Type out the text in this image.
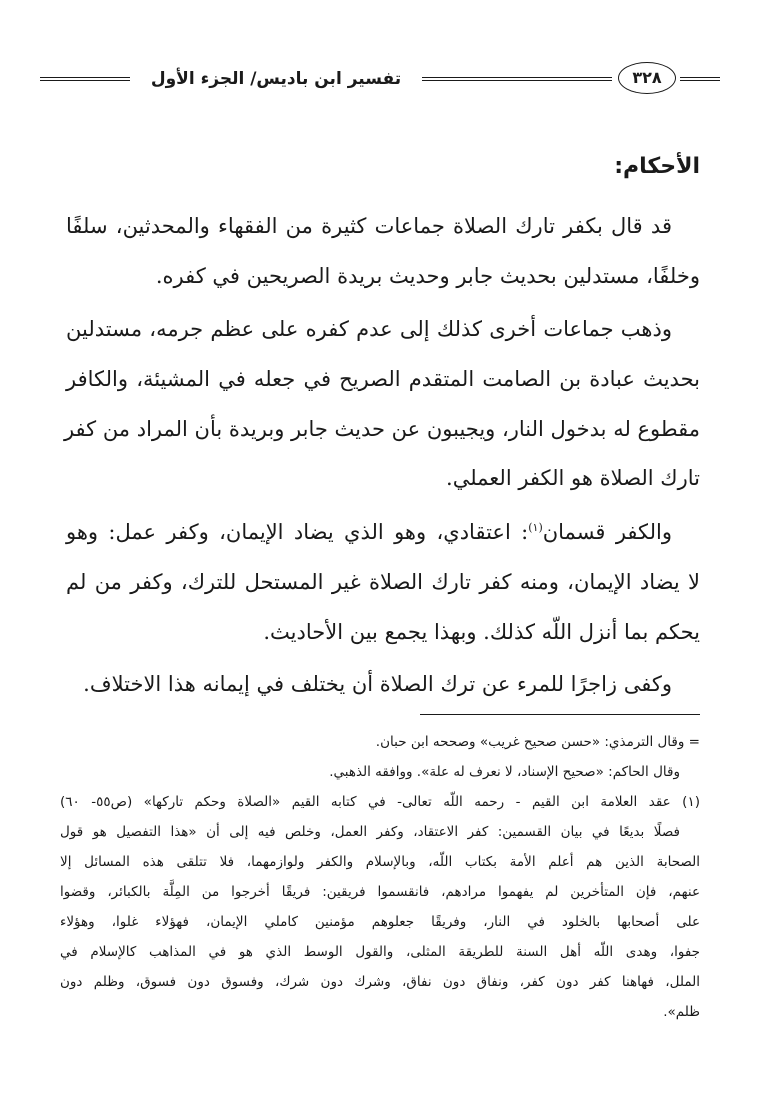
تفسير ابن باديس/ الجزء الأول	٣٢٨
الأحكام:
قد قال بكفر تارك الصلاة جماعات كثيرة من الفقهاء والمحدثين، سلفًا
وخلفًا، مستدلين بحديث جابر وحديث بريدة الصريحين في كفره.
وذهب جماعات أخرى كذلك إلى عدم كفره على عظم جرمه، مستدلين
بحديث عبادة بن الصامت المتقدم الصريح في جعله في المشيئة، والكافر
مقطوع له بدخول النار، ويجيبون عن حديث جابر وبريدة بأن المراد من كفر
تارك الصلاة هو الكفر العملي.
والكفر قسمان$^{(١)}$: اعتقادي، وهو الذي يضاد الإيمان، وكفر عمل: وهو
لا يضاد الإيمان، ومنه كفر تارك الصلاة غير المستحل للترك، وكفر من لم
يحكم بما أنزل اللّه كذلك. وبهذا يجمع بين الأحاديث.
وكفى زاجرًا للمرء عن ترك الصلاة أن يختلف في إيمانه هذا الاختلاف.
= وقال الترمذي: «حسن صحيح غريب» وصححه ابن حبان.
وقال الحاكم: «صحيح الإسناد، لا نعرف له علة». ووافقه الذهبي.
(١) عقد العلامة ابن القيم - رحمه اللّه تعالى- في كتابه القيم «الصلاة وحكم تاركها» (ص٥٥- ٦٠)
فصلًا بديعًا في بيان القسمين: كفر الاعتقاد، وكفر العمل، وخلص فيه إلى أن «هذا التفصيل هو قول
الصحابة الذين هم أعلم الأمة بكتاب اللّه، وبالإسلام والكفر ولوازمهما، فلا تتلقى هذه المسائل إلا
عنهم، فإن المتأخرين لم يفهموا مرادهم، فانقسموا فريقين: فريقًا أخرجوا من المِلَّة بالكبائر، وقضوا
على أصحابها بالخلود في النار، وفريقًا جعلوهم مؤمنين كاملي الإيمان، فهؤلاء غلوا، وهؤلاء
جفوا، وهدى اللّه أهل السنة للطريقة المثلى، والقول الوسط الذي هو في المذاهب كالإسلام في
الملل، فهاهنا كفر دون كفر، ونفاق دون نفاق، وشرك دون شرك، وفسوق دون فسوق، وظلم دون
ظلم».
